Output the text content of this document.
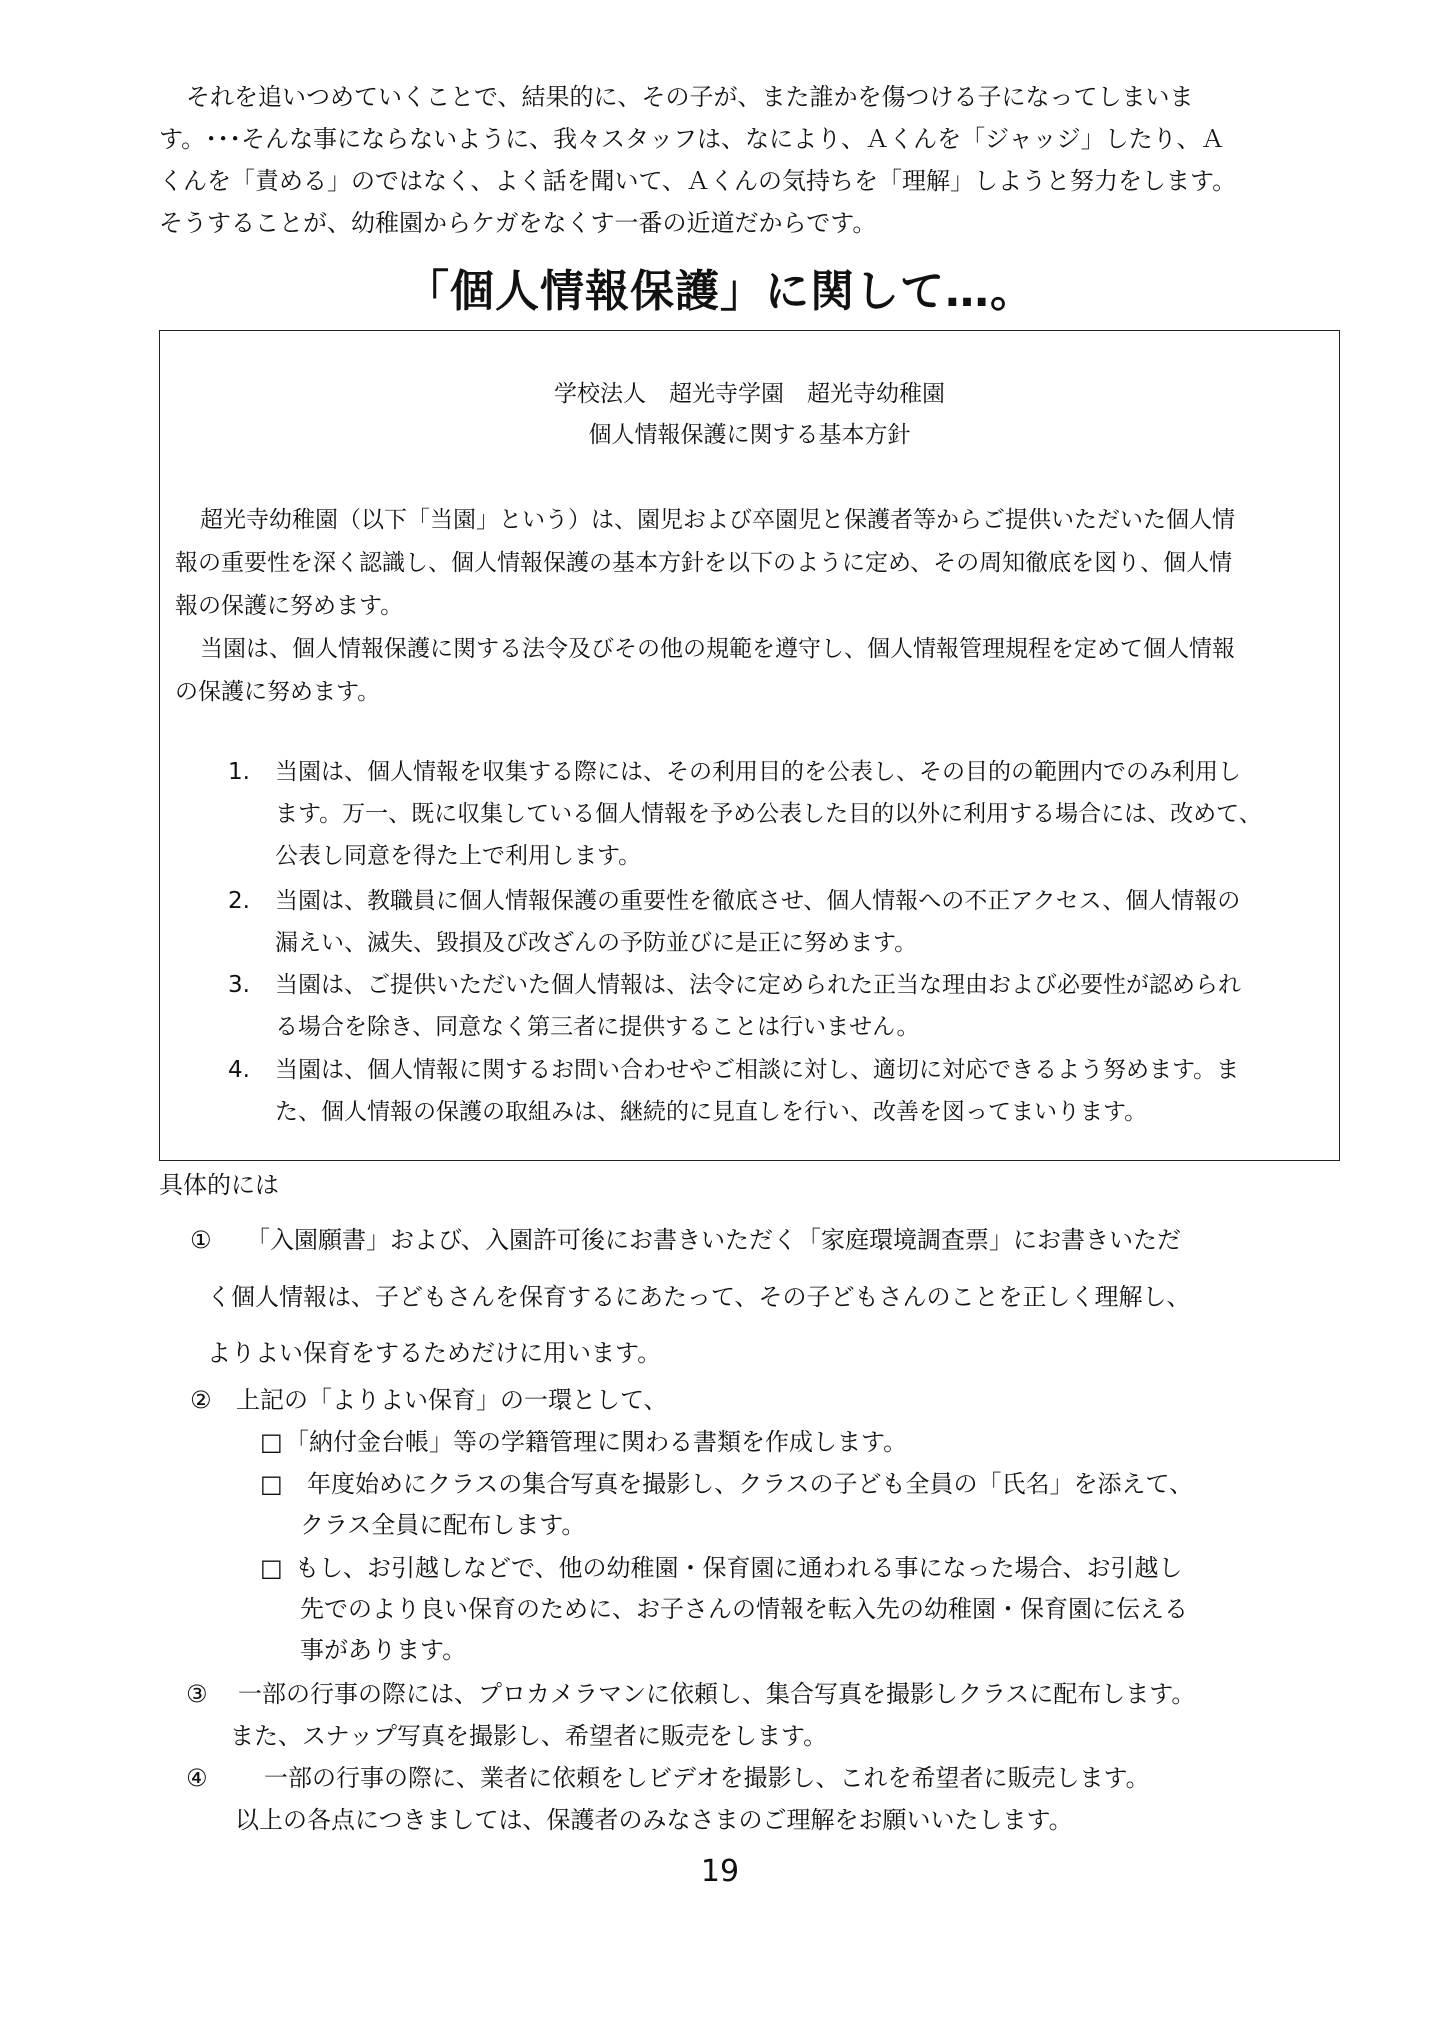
それを追いつめていくことで、結果的に、その子が、また誰かを傷つける子になってしまいま
す。･･･そんな事にならないように、我々スタッフは、なにより、Ａくんを「ジャッジ」したり、Ａ
くんを「責める」のではなく、よく話を聞いて、Ａくんの気持ちを「理解」しようと努力をします。
そうすることが、幼稚園からケガをなくす一番の近道だからです。
「個人情報保護」に関して…。
学校法人　超光寺学園　超光寺幼稚園
個人情報保護に関する基本方針
超光寺幼稚園（以下「当園」という）は、園児および卒園児と保護者等からご提供いただいた個人情
報の重要性を深く認識し、個人情報保護の基本方針を以下のように定め、その周知徹底を図り、個人情
報の保護に努めます。
当園は、個人情報保護に関する法令及びその他の規範を遵守し、個人情報管理規程を定めて個人情報
の保護に努めます。
1. 当園は、個人情報を収集する際には、その利用目的を公表し、その目的の範囲内でのみ利用し
ます。万一、既に収集している個人情報を予め公表した目的以外に利用する場合には、改めて、
公表し同意を得た上で利用します。
2. 当園は、教職員に個人情報保護の重要性を徹底させ、個人情報への不正アクセス、個人情報の
漏えい、滅失、毀損及び改ざんの予防並びに是正に努めます。
3. 当園は、ご提供いただいた個人情報は、法令に定められた正当な理由および必要性が認められ
る場合を除き、同意なく第三者に提供することは行いません。
4. 当園は、個人情報に関するお問い合わせやご相談に対し、適切に対応できるよう努めます。ま
た、個人情報の保護の取組みは、継続的に見直しを行い、改善を図ってまいります。
具体的には
① 「入園願書」および、入園許可後にお書きいただく「家庭環境調査票」にお書きいただ
く個人情報は、子どもさんを保育するにあたって、その子どもさんのことを正しく理解し、
よりよい保育をするためだけに用います。
② 上記の「よりよい保育」の一環として、
□ 「納付金台帳」等の学籍管理に関わる書類を作成します。
□ 年度始めにクラスの集合写真を撮影し、クラスの子ども全員の「氏名」を添えて、
クラス全員に配布します。
□ もし、お引越しなどで、他の幼稚園・保育園に通われる事になった場合、お引越し
先でのより良い保育のために、お子さんの情報を転入先の幼稚園・保育園に伝える
事があります。
③ 一部の行事の際には、プロカメラマンに依頼し、集合写真を撮影しクラスに配布します。
また、スナップ写真を撮影し、希望者に販売をします。
④ 一部の行事の際に、業者に依頼をしビデオを撮影し、これを希望者に販売します。
以上の各点につきましては、保護者のみなさまのご理解をお願いいたします。
19
